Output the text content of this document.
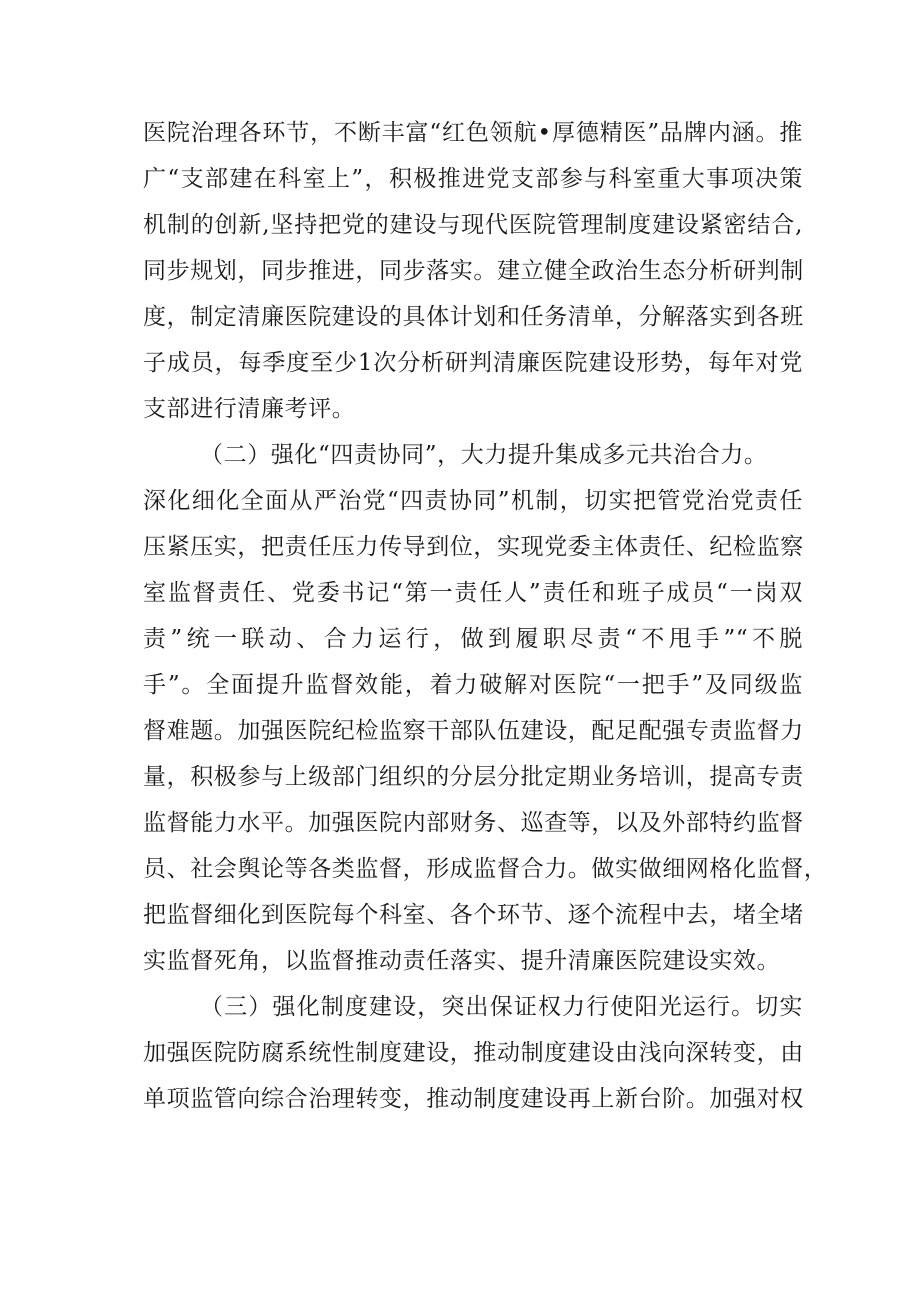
医院治理各环节，不断丰富“红色领航•厚德精医”品牌内涵。推
广“支部建在科室上”，积极推进党支部参与科室重大事项决策
机制的创新,坚持把党的建设与现代医院管理制度建设紧密结合,
同步规划，同步推进，同步落实。建立健全政治生态分析研判制
度，制定清廉医院建设的具体计划和任务清单，分解落实到各班
子成员，每季度至少1次分析研判清廉医院建设形势，每年对党
支部进行清廉考评。
（二）强化“四责协同”，大力提升集成多元共治合力。
深化细化全面从严治党“四责协同”机制，切实把管党治党责任
压紧压实，把责任压力传导到位，实现党委主体责任、纪检监察
室监督责任、党委书记“第一责任人”责任和班子成员“一岗双
责”统一联动、合力运行，做到履职尽责“不甩手”“不脱
手”。全面提升监督效能，着力破解对医院“一把手”及同级监
督难题。加强医院纪检监察干部队伍建设，配足配强专责监督力
量，积极参与上级部门组织的分层分批定期业务培训，提高专责
监督能力水平。加强医院内部财务、巡查等，以及外部特约监督
员、社会舆论等各类监督，形成监督合力。做实做细网格化监督，
把监督细化到医院每个科室、各个环节、逐个流程中去，堵全堵
实监督死角，以监督推动责任落实、提升清廉医院建设实效。
（三）强化制度建设，突出保证权力行使阳光运行。切实
加强医院防腐系统性制度建设，推动制度建设由浅向深转变，由
单项监管向综合治理转变，推动制度建设再上新台阶。加强对权
